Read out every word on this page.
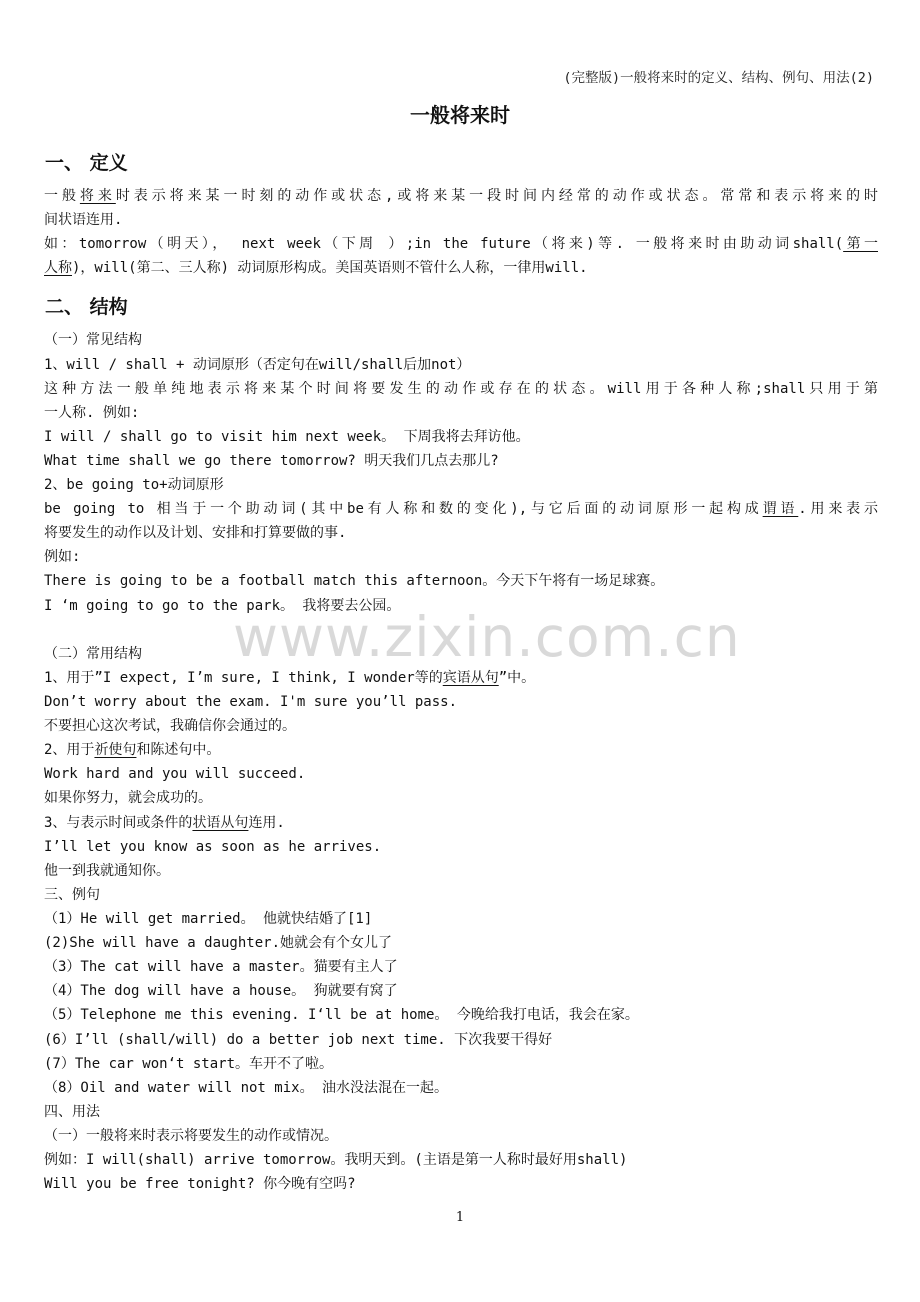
(完整版)一般将来时的定义、结构、例句、用法(2)
一般将来时
www.zixin.com.cn
一、 定义
一般将来时表示将来某一时刻的动作或状态,或将来某一段时间内经常的动作或状态。常常和表示将来的时
间状语连用.
如：tomorrow（明天）， next week（下周 ）;in the future（将来)等. 一般将来时由助动词shall(第一
人称)，will(第二、三人称) 动词原形构成。美国英语则不管什么人称，一律用will.
二、 结构
（一）常见结构
1、will / shall + 动词原形（否定句在will/shall后加not）
这种方法一般单纯地表示将来某个时间将要发生的动作或存在的状态。will用于各种人称;shall只用于第
一人称. 例如:
I will / shall go to visit him next week。 下周我将去拜访他。
What time shall we go there tomorrow? 明天我们几点去那儿?
2、be going to+动词原形
be going to 相当于一个助动词(其中be有人称和数的变化),与它后面的动词原形一起构成谓语.用来表示
将要发生的动作以及计划、安排和打算要做的事.
例如:
There is going to be a football match this afternoon。今天下午将有一场足球赛。
I ‘m going to go to the park。 我将要去公园。
（二）常用结构
1、用于”I expect, I’m sure, I think, I wonder等的宾语从句”中。
Don’t worry about the exam. I'm sure you’ll pass.
不要担心这次考试，我确信你会通过的。
2、用于祈使句和陈述句中。
Work hard and you will succeed.
如果你努力，就会成功的。
3、与表示时间或条件的状语从句连用.
I’ll let you know as soon as he arrives.
他一到我就通知你。
三、例句
（1）He will get married。 他就快结婚了[1]
(2)She will have a daughter.她就会有个女儿了
（3）The cat will have a master。猫要有主人了
（4）The dog will have a house。 狗就要有窝了
（5）Telephone me this evening. I‘ll be at home。 今晚给我打电话，我会在家。
(6）I’ll (shall/will) do a better job next time. 下次我要干得好
(7）The car won‘t start。车开不了啦。
（8）Oil and water will not mix。 油水没法混在一起。
四、用法
（一）一般将来时表示将要发生的动作或情况。
例如：I will(shall) arrive tomorrow。我明天到。(主语是第一人称时最好用shall)
Will you be free tonight? 你今晚有空吗?
1
